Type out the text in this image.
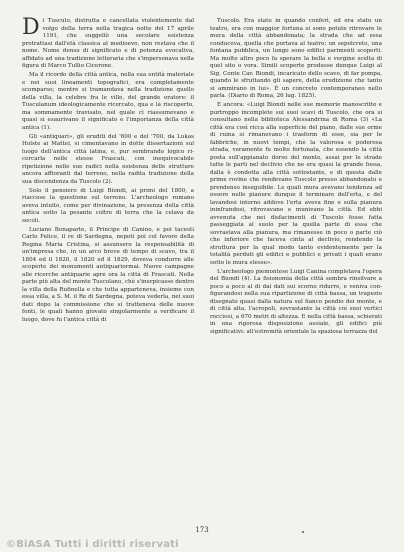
Di Tusculo, distrutta e cancellata violentemente dal volgo della terra nella tragica notte del 17 aprile 1191, che suggellò una secolare esistenza protrattasi dall'età classica al medioevo, non restava che il nome. Nome denso di significato e di potenza evocativa, affidato ad una tradizione letteraria che s'impersonava nella figura di Marco Tullio Cicerone.

Ma il ricordo della città antica, nella sua entità materiale e nei suoi lineamenti topografici, era completamente scomparso; mentre si tramandava nella tradizione quello della villa, la celebre fra le ville, del grande oratore: il Tusculanum ideologicamente ricercato, qua e là riscoperto, ma sommamente travisato, nel quale ci riassumevano e quasi si esaurivano il significato e l'importanza della città antica (1).

Gli «antiquari», gli eruditi del '600 e del '700, da Lukas Holste ai Mattei, si cimentavano in dotte dissertazioni sul luogo dell'antica città latina, e, pur sembrando logico ricercarla nelle stesse Frascati, con inequivocabile ripetizione nelle sue radici nella esistenza delle strutture ancora affioranti dal terreno, nella radita tradizione della sua discendenza da Tuscolo (2).

Solo il pensiero di Luigi Biondi, ai primi del 1800, a riaccese la questione sul terreno. L'archeologo romano aveva intuito, come per divinazione, la presenza della città antica sotto la pesante coltre di terra che la celava da secoli.

Luciano Bonaparte, il Principe di Canino, e poi tacesti Carlo Felice, il re di Sardegna, nepoti poi col favore della Regina Maria Cristina, si assunsero la responsabilità di un'impresa che, in un arco breve di tempo di scavo, tra il 1804 ed il 1820, il 1820 ed il 1829, doveva condurre alle scoperte dei monumenti antiquariormai. Nuove campagne alle ricerche antiquarie apre ora la città di Frascati. Nella parte più alta del monte Tuscolano, chè s'inerpicasse dentro la villa della Rufinella e che tutta apparteneva, insieme con essa villa, a S. M. il Re di Sardegna, poteva vederla, nei suoi dati dopo la commissione che si tratteneva delle nuove fonti, le quali hanno giovato singolarmente a verificare il luogo, dove fu l'antica città di

Tuscolo. Era stato in quando conferì, ed era stato un teatro, era con maggior fortuna si sono potute ritrovare le mura della città abbandonata; la strada che ad essa conduceva, quella che portava al teatro; un sepolcreto, una fontana pubblica, un lungo sono edifici parimenti scoperti. Ma molto altro poco fa sperare la bella e vergine scelta di quel sito o vora. Simili scoperte produsse dunque Luigi al Sig. Conte Cav. Biondi, incaricato dello scavo, di far pompa, quando le sfruttando gli sapere, della erudizione che tanto si ammirano in lui». È un concreto contemporaneo nello parla. (Diario di Roma, 26 lug. 1825).

E ancora: «Luigi Biondi nelle sue memorie manoscritte e purtroppo incomplete sui suoi scavi di Tuscolo, che ora si consultano nella biblioteca Alessandrina di Roma (3) «La città era così ricca alla superficie del piano, dalle sue orme di ruina si rimanevano i trasform di esse, sia per le fabbriche, in nuovi tempi, che la valorosa e poderosa strada, veramente fu molto fortunata, che essendo la città posta sull'appianato dorso del monte, assai per le strade tutte le parti nel declivio che ne era quasi la grande fossa, dalla è condotta alla città sottostante, e di questa dalle prime rovine che rendevano Tuscolo presso abbandonato e prendenso inseguibile. Le quali mura avevano tendenza ad essere nelle pianure dunque il terminare dell'erta, e del lavandosi intorno addove l'erta aveva fine e sulla pianura ininfrandosi, ritrovavano e munivano la città. Ed ebbi avvenuta che nei disfacimenti di Tuscolo fosse fatta passeggiata al suolo per la quella parte di essa che sovrastava alla pianura, ma rimanesse in poco o parte ciò che inferiore che faceva cinta al declivio, rendendo la struttura per la qual modo tanto evidentemente per la totalità perduti gli edifici e pubblici e privati i quali erano sotto le mura stesse».

L'archeologo piemontese Luigi Canina completava l'opera del Biondi (4). La fisionomia della città sembra rinsilvare a poco a poco al di dai dati sui scorno ridurre, e veniva configurandosi nella sua ripartizione di città bassa, un trapezio disegnato quasi dalla natura sul fianco pendio dei monte, e di città alta, l'acropoli, sovrastante la città coi suoi vertici rocciosi, a 670 metri di altezza. E nella città bassa, schierati in una rigorosa disposizione assiale, gli edifici più significativi: all'estremità orientale la spaziosa terrazza del

173
©BiASA Tutti i diritti riservati
